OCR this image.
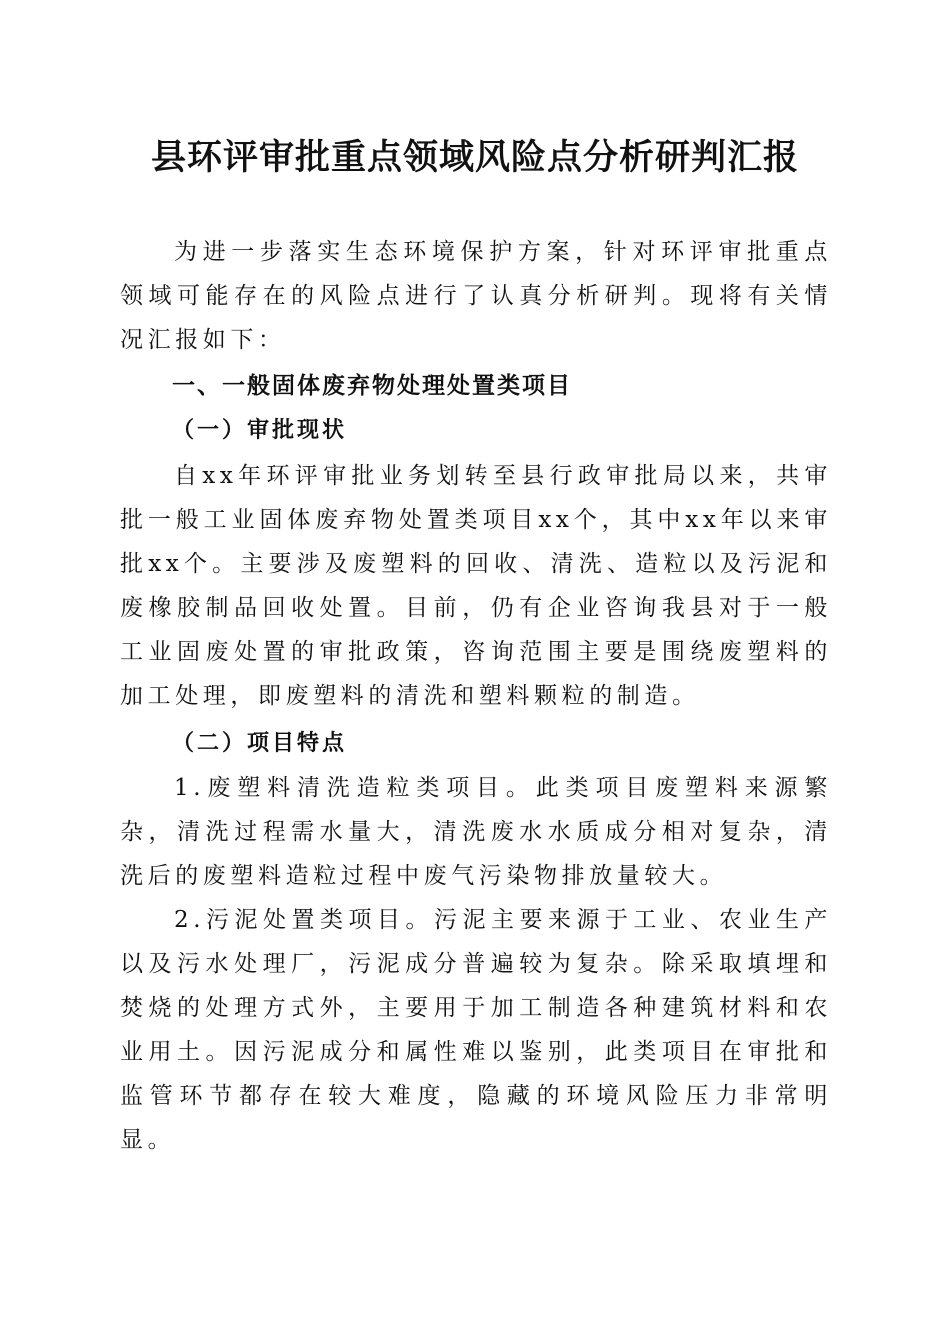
县环评审批重点领域风险点分析研判汇报

为进一步落实生态环境保护方案，针对环评审批重点领域可能存在的风险点进行了认真分析研判。现将有关情况汇报如下：

一、一般固体废弃物处理处置类项目
（一）审批现状

自xx年环评审批业务划转至县行政审批局以来，共审批一般工业固体废弃物处置类项目xx个，其中xx年以来审批xx个。主要涉及废塑料的回收、清洗、造粒以及污泥和废橡胶制品回收处置。目前，仍有企业咨询我县对于一般工业固废处置的审批政策，咨询范围主要是围绕废塑料的加工处理，即废塑料的清洗和塑料颗粒的制造。

（二）项目特点

1.废塑料清洗造粒类项目。此类项目废塑料来源繁杂，清洗过程需水量大，清洗废水水质成分相对复杂，清洗后的废塑料造粒过程中废气污染物排放量较大。

2.污泥处置类项目。污泥主要来源于工业、农业生产以及污水处理厂，污泥成分普遍较为复杂。除采取填埋和焚烧的处理方式外，主要用于加工制造各种建筑材料和农业用土。因污泥成分和属性难以鉴别，此类项目在审批和监管环节都存在较大难度，隐藏的环境风险压力非常明显。
